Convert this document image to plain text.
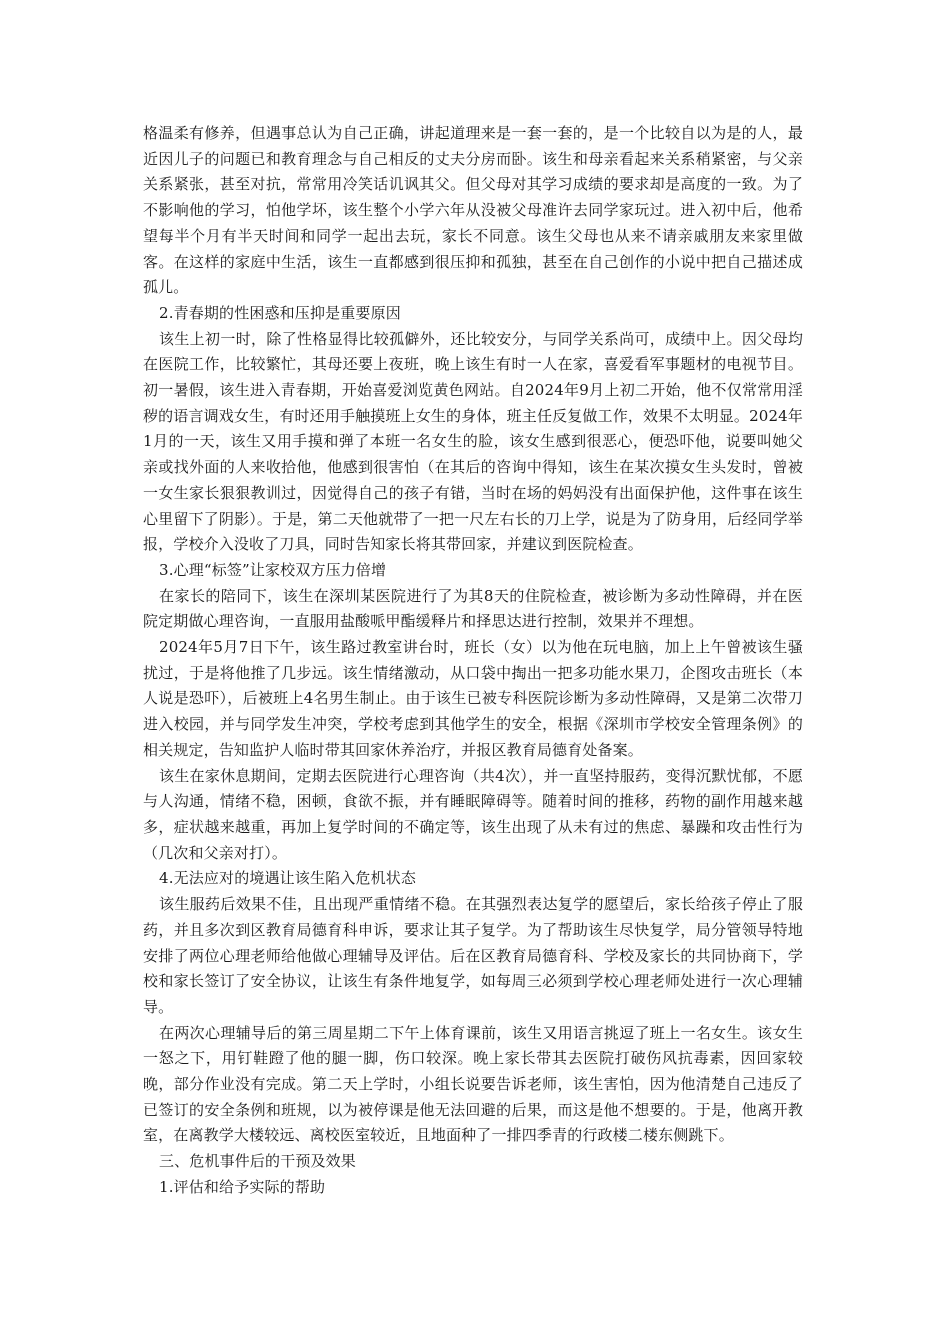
格温柔有修养，但遇事总认为自己正确，讲起道理来是一套一套的，是一个比较自以为是的人，最近因儿子的问题已和教育理念与自己相反的丈夫分房而卧。该生和母亲看起来关系稍紧密，与父亲关系紧张，甚至对抗，常常用冷笑话讥讽其父。但父母对其学习成绩的要求却是高度的一致。为了不影响他的学习，怕他学坏，该生整个小学六年从没被父母准许去同学家玩过。进入初中后，他希望每半个月有半天时间和同学一起出去玩，家长不同意。该生父母也从来不请亲戚朋友来家里做客。在这样的家庭中生活，该生一直都感到很压抑和孤独，甚至在自己创作的小说中把自己描述成孤儿。

2.青春期的性困惑和压抑是重要原因

该生上初一时，除了性格显得比较孤僻外，还比较安分，与同学关系尚可，成绩中上。因父母均在医院工作，比较繁忙，其母还要上夜班，晚上该生有时一人在家，喜爱看军事题材的电视节目。初一暑假，该生进入青春期，开始喜爱浏览黄色网站。自2024年9月上初二开始，他不仅常常用淫秽的语言调戏女生，有时还用手触摸班上女生的身体，班主任反复做工作，效果不太明显。2024年1月的一天，该生又用手摸和弹了本班一名女生的脸，该女生感到很恶心，便恐吓他，说要叫她父亲或找外面的人来收拾他，他感到很害怕（在其后的咨询中得知，该生在某次摸女生头发时，曾被一女生家长狠狠教训过，因觉得自己的孩子有错，当时在场的妈妈没有出面保护他，这件事在该生心里留下了阴影）。于是，第二天他就带了一把一尺左右长的刀上学，说是为了防身用，后经同学举报，学校介入没收了刀具，同时告知家长将其带回家，并建议到医院检查。

3.心理“标签”让家校双方压力倍增

在家长的陪同下，该生在深圳某医院进行了为其8天的住院检查，被诊断为多动性障碍，并在医院定期做心理咨询，一直服用盐酸哌甲酯缓释片和择思达进行控制，效果并不理想。

2024年5月7日下午，该生路过教室讲台时，班长（女）以为他在玩电脑，加上上午曾被该生骚扰过，于是将他推了几步远。该生情绪激动，从口袋中掏出一把多功能水果刀，企图攻击班长（本人说是恐吓），后被班上4名男生制止。由于该生已被专科医院诊断为多动性障碍，又是第二次带刀进入校园，并与同学发生冲突，学校考虑到其他学生的安全，根据《深圳市学校安全管理条例》的相关规定，告知监护人临时带其回家休养治疗，并报区教育局德育处备案。

该生在家休息期间，定期去医院进行心理咨询（共4次），并一直坚持服药，变得沉默忧郁，不愿与人沟通，情绪不稳，困顿，食欲不振，并有睡眠障碍等。随着时间的推移，药物的副作用越来越多，症状越来越重，再加上复学时间的不确定等，该生出现了从未有过的焦虑、暴躁和攻击性行为（几次和父亲对打）。

4.无法应对的境遇让该生陷入危机状态

该生服药后效果不佳，且出现严重情绪不稳。在其强烈表达复学的愿望后，家长给孩子停止了服药，并且多次到区教育局德育科申诉，要求让其子复学。为了帮助该生尽快复学，局分管领导特地安排了两位心理老师给他做心理辅导及评估。后在区教育局德育科、学校及家长的共同协商下，学校和家长签订了安全协议，让该生有条件地复学，如每周三必须到学校心理老师处进行一次心理辅导。

在两次心理辅导后的第三周星期二下午上体育课前，该生又用语言挑逗了班上一名女生。该女生一怒之下，用钉鞋蹬了他的腿一脚，伤口较深。晚上家长带其去医院打破伤风抗毒素，因回家较晚，部分作业没有完成。第二天上学时，小组长说要告诉老师，该生害怕，因为他清楚自己违反了已签订的安全条例和班规，以为被停课是他无法回避的后果，而这是他不想要的。于是，他离开教室，在离教学大楼较远、离校医室较近，且地面种了一排四季青的行政楼二楼东侧跳下。

三、危机事件后的干预及效果
1.评估和给予实际的帮助
